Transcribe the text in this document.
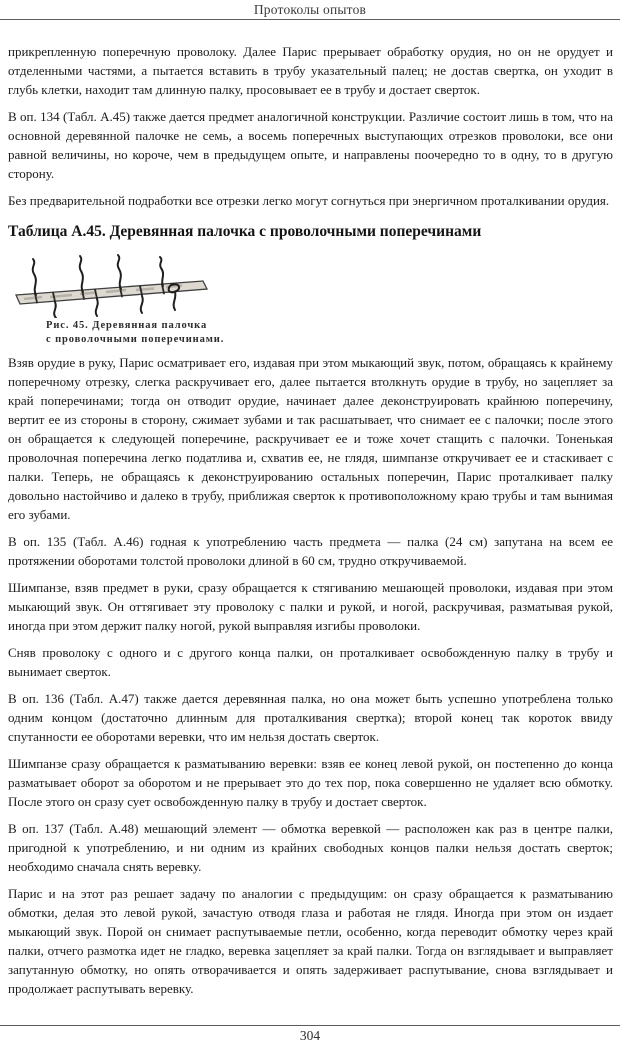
Протоколы опытов

прикрепленную поперечную проволоку. Далее Парис прерывает обработку орудия, но он не орудует и отделенными частями, а пытается вставить в трубу указательный палец; не достав свертка, он уходит в глубь клетки, находит там длинную палку, просовывает ее в трубу и достает сверток.

В оп. 134 (Табл. А.45) также дается предмет аналогичной конструкции. Различие состоит лишь в том, что на основной деревянной палочке не семь, а восемь поперечных выступающих отрезков проволоки, все они равной величины, но короче, чем в предыдущем опыте, и направлены поочередно то в одну, то в другую сторону.

Без предварительной подработки все отрезки легко могут согнуться при энергичном проталкивании орудия.

Таблица А.45. Деревянная палочка с проволочными поперечинами
Рис. 45. Деревянная палочка
с проволочными поперечинами.

Взяв орудие в руку, Парис осматривает его, издавая при этом мыкающий звук, потом, обращаясь к крайнему поперечному отрезку, слегка раскручивает его, далее пытается втолкнуть орудие в трубу, но зацепляет за край поперечинами; тогда он отводит орудие, начинает далее деконструировать крайнюю поперечину, вертит ее из стороны в сторону, сжимает зубами и так расшатывает, что снимает ее с палочки; после этого он обращается к следующей поперечине, раскручивает ее и тоже хочет стащить с палочки. Тоненькая проволочная поперечина легко податлива и, схватив ее, не глядя, шимпанзе откручивает ее и стаскивает с палки. Теперь, не обращаясь к деконструированию остальных поперечин, Парис проталкивает палку довольно настойчиво и далеко в трубу, приближая сверток к противоположному краю трубы и там вынимая его зубами.

В оп. 135 (Табл. А.46) годная к употреблению часть предмета — палка (24 см) запутана на всем ее протяжении оборотами толстой проволоки длиной в 60 см, трудно откручиваемой.

Шимпанзе, взяв предмет в руки, сразу обращается к стягиванию мешающей проволоки, издавая при этом мыкающий звук. Он оттягивает эту проволоку с палки и рукой, и ногой, раскручивая, разматывая рукой, иногда при этом держит палку ногой, рукой выправляя изгибы проволоки.

Сняв проволоку с одного и с другого конца палки, он проталкивает освобожденную палку в трубу и вынимает сверток.

В оп. 136 (Табл. А.47) также дается деревянная палка, но она может быть успешно употреблена только одним концом (достаточно длинным для проталкивания свертка); второй конец так короток ввиду спутанности ее оборотами веревки, что им нельзя достать сверток.

Шимпанзе сразу обращается к разматыванию веревки: взяв ее конец левой рукой, он постепенно до конца разматывает оборот за оборотом и не прерывает это до тех пор, пока совершенно не удаляет всю обмотку. После этого он сразу сует освобожденную палку в трубу и достает сверток.

В оп. 137 (Табл. А.48) мешающий элемент — обмотка веревкой — расположен как раз в центре палки, пригодной к употреблению, и ни одним из крайних свободных концов палки нельзя достать сверток; необходимо сначала снять веревку.

Парис и на этот раз решает задачу по аналогии с предыдущим: он сразу обращается к разматыванию обмотки, делая это левой рукой, зачастую отводя глаза и работая не глядя. Иногда при этом он издает мыкающий звук. Порой он снимает распутываемые петли, особенно, когда переводит обмотку через край палки, отчего размотка идет не гладко, веревка зацепляет за край палки. Тогда он взглядывает и выправляет запутанную обмотку, но опять отворачивается и опять задерживает распутывание, снова взглядывает и продолжает распутывать веревку.

304
